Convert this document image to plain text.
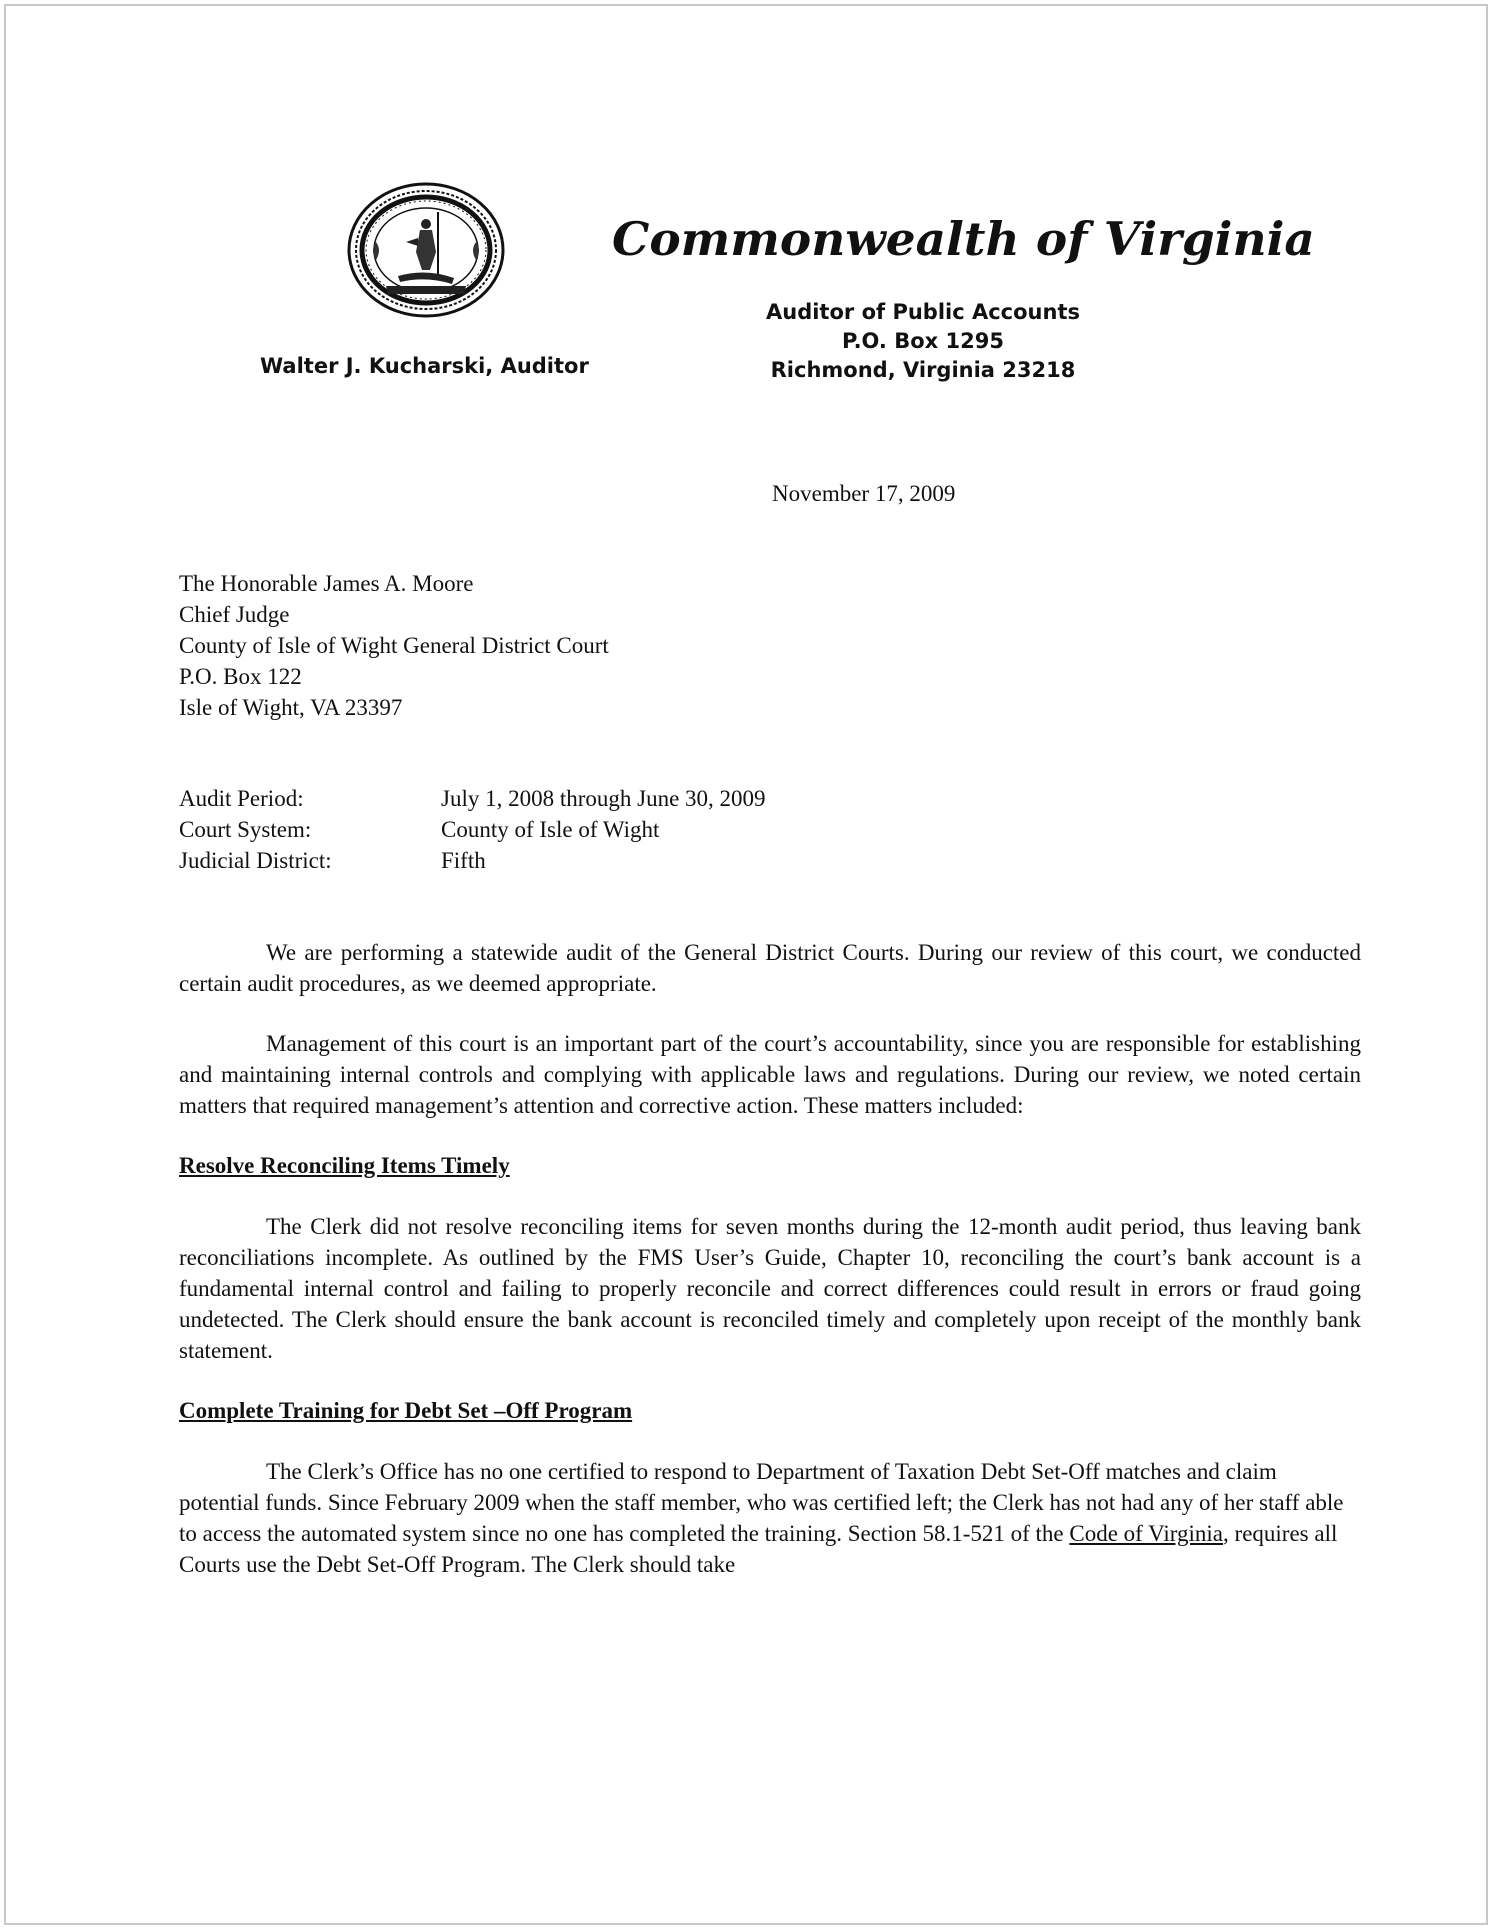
Commonwealth of Virginia
Auditor of Public Accounts
P.O. Box 1295
Richmond, Virginia 23218
Walter J. Kucharski, Auditor
November 17, 2009
The Honorable James A. Moore
Chief Judge
County of Isle of Wight General District Court
P.O. Box 122
Isle of Wight, VA 23397
Audit Period:	July 1, 2008 through June 30, 2009
Court System:	County of Isle of Wight
Judicial District:	Fifth

We are performing a statewide audit of the General District Courts. During our review of this court, we conducted certain audit procedures, as we deemed appropriate.

Management of this court is an important part of the court’s accountability, since you are responsible for establishing and maintaining internal controls and complying with applicable laws and regulations. During our review, we noted certain matters that required management’s attention and corrective action. These matters included:

Resolve Reconciling Items Timely

The Clerk did not resolve reconciling items for seven months during the 12-month audit period, thus leaving bank reconciliations incomplete. As outlined by the FMS User’s Guide, Chapter 10, reconciling the court’s bank account is a fundamental internal control and failing to properly reconcile and correct differences could result in errors or fraud going undetected. The Clerk should ensure the bank account is reconciled timely and completely upon receipt of the monthly bank statement.

Complete Training for Debt Set –Off Program

The Clerk’s Office has no one certified to respond to Department of Taxation Debt Set-Off matches and claim potential funds. Since February 2009 when the staff member, who was certified left; the Clerk has not had any of her staff able to access the automated system since no one has completed the training. Section 58.1-521 of the Code of Virginia, requires all Courts use the Debt Set-Off Program. The Clerk should take
